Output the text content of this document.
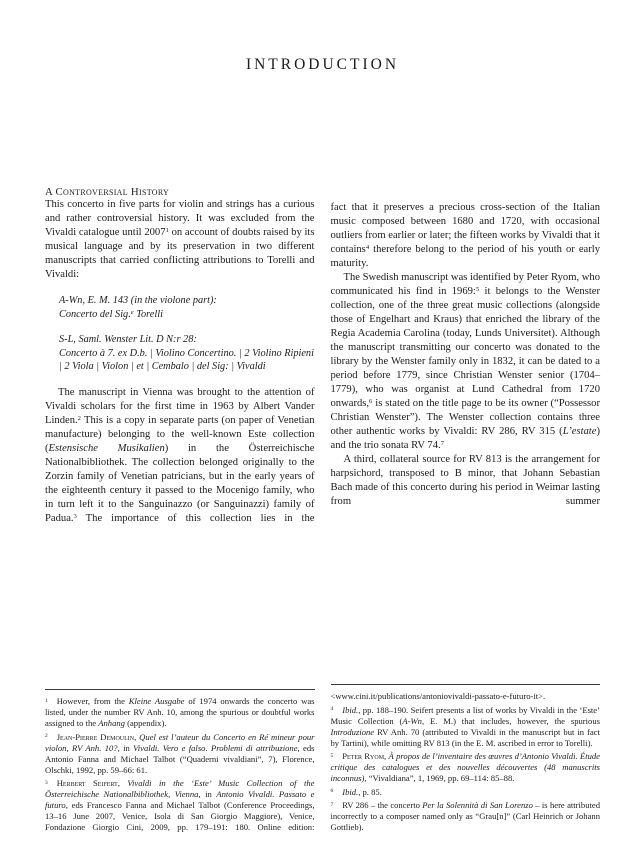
INTRODUCTION
A Controversial History

This concerto in five parts for violin and strings has a curious and rather controversial history. It was excluded from the Vivaldi catalogue until 2007$^1$ on account of doubts raised by its musical language and by its preservation in two different manuscripts that carried conflicting attributions to Torelli and Vivaldi:

A-Wn, E. M. 143 (in the violone part):

Concerto del Sig.$^e$ Torelli

S-L, Saml. Wenster Lit. D N:r 28:

Concerto à 7. ex D.b. | Violino Concertino. | 2 Violino Ripieni | 2 Viola | Violon | et | Cembalo | del Sig: | Vivaldi

The manuscript in Vienna was brought to the attention of Vivaldi scholars for the first time in 1963 by Albert Vander Linden.$^2$ This is a copy in separate parts (on paper of Venetian manufacture) belonging to the well-known Este collection (Estensische Musikalien) in the Österreichische Nationalbibliothek. The collection belonged originally to the Zorzin family of Venetian patricians, but in the early years of the eighteenth century it passed to the Mocenigo family, who in turn left it to the Sanguinazzo (or Sanguinazzi) family of Padua.$^3$ The importance of this collection lies in the

$^1$ However, from the Kleine Ausgabe of 1974 onwards the concerto was listed, under the number RV Anh. 10, among the spurious or doubtful works assigned to the Anhang (appendix).

$^2$ Jean-Pierre Demoulin, Quel est l’auteur du Concerto en Ré mineur pour violon, RV Anh. 10?, in Vivaldi. Vero e falso. Problemi di attribuzione, eds Antonio Fanna and Michael Talbot (“Quaderni vivaldiani”, 7), Florence, Olschki, 1992, pp. 59–66: 61.

$^3$ Herbert Seifert, Vivaldi in the ‘Este’ Music Collection of the Österreichische Nationalbibliothek, Vienna, in Antonio Vivaldi. Passato e futuro, eds Francesco Fanna and Michael Talbot (Conference Proceedings, 13–16 June 2007, Venice, Isola di San Giorgio Maggiore), Venice, Fondazione Giorgio Cini, 2009, pp. 179–191: 180. Online edition:

fact that it preserves a precious cross-section of the Italian music composed between 1680 and 1720, with occasional outliers from earlier or later; the fifteen works by Vivaldi that it contains$^4$ therefore belong to the period of his youth or early maturity.

The Swedish manuscript was identified by Peter Ryom, who communicated his find in 1969:$^5$ it belongs to the Wenster collection, one of the three great music collections (alongside those of Engelhart and Kraus) that enriched the library of the Regia Academia Carolina (today, Lunds Universitet). Although the manuscript transmitting our concerto was donated to the library by the Wenster family only in 1832, it can be dated to a period before 1779, since Christian Wenster senior (1704–1779), who was organist at Lund Cathedral from 1720 onwards,$^6$ is stated on the title page to be its owner (“Possessor Christian Wenster”). The Wenster collection contains three other authentic works by Vivaldi: RV 286, RV 315 (L’estate) and the trio sonata RV 74.$^7$

A third, collateral source for RV 813 is the arrangement for harpsichord, transposed to B minor, that Johann Sebastian Bach made of this concerto during his period in Weimar lasting from summer

<www.cini.it/publications/antoniovivaldi-passato-e-futuro-it>.

$^4$ Ibid., pp. 188–190. Seifert presents a list of works by Vivaldi in the ‘Este’ Music Collection (A-Wn, E. M.) that includes, however, the spurious Introduzione RV Anh. 70 (attributed to Vivaldi in the manuscript but in fact by Tartini), while omitting RV 813 (in the E. M. ascribed in error to Torelli).

$^5$ Peter Ryom, À propos de l’inventaire des œuvres d’Antonio Vivaldi. Étude critique des catalogues et des nouvelles découvertes (48 manuscrits inconnus), “Vivaldiana”, 1, 1969, pp. 69–114: 85–88.

$^6$ Ibid., p. 85.

$^7$ RV 286 – the concerto Per la Solennità di San Lorenzo – is here attributed incorrectly to a composer named only as “Grau[n]” (Carl Heinrich or Johann Gottlieb).
